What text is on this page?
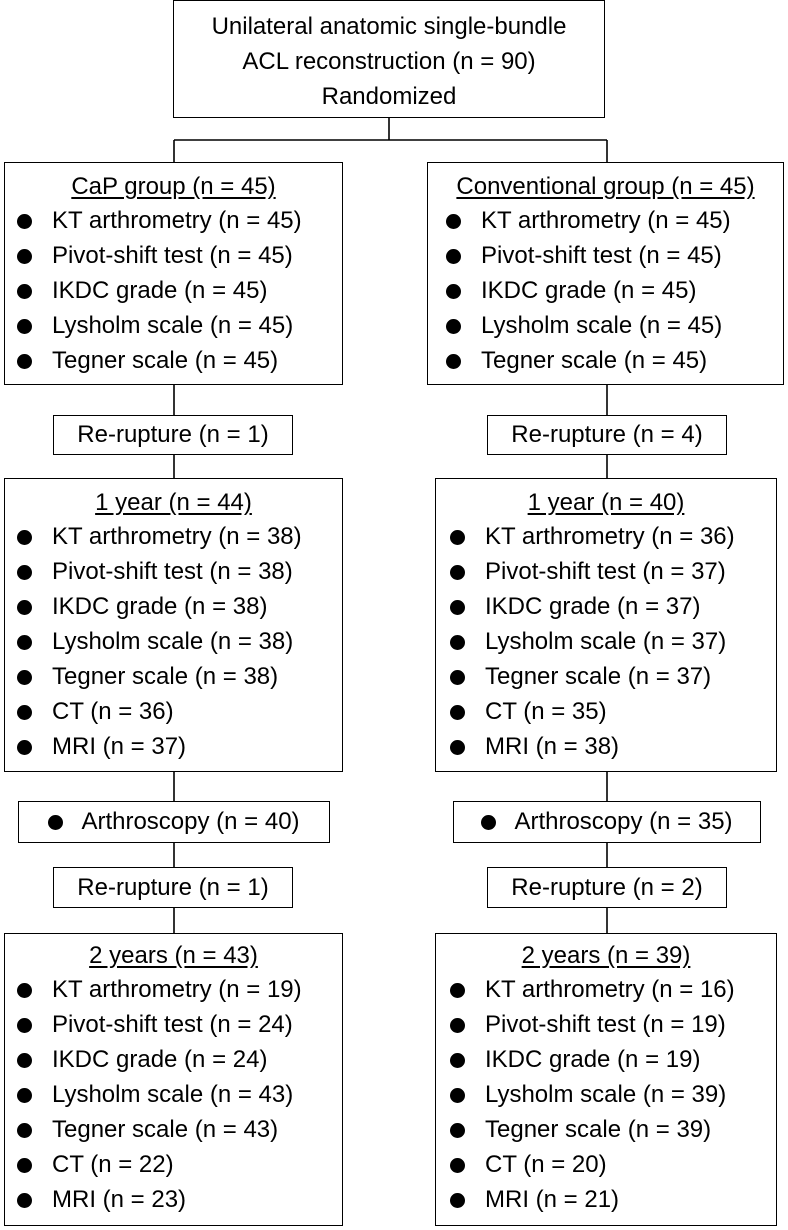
Unilateral anatomic single-bundle
ACL reconstruction (n = 90)
Randomized
CaP group (n = 45)
KT arthrometry (n = 45)
Pivot-shift test (n = 45)
IKDC grade (n = 45)
Lysholm scale (n = 45)
Tegner scale (n = 45)
Conventional group (n = 45)
KT arthrometry (n = 45)
Pivot-shift test (n = 45)
IKDC grade (n = 45)
Lysholm scale (n = 45)
Tegner scale (n = 45)
Re-rupture (n = 1)	Re-rupture (n = 4)
1 year (n = 44)
KT arthrometry (n = 38)
Pivot-shift test (n = 38)
IKDC grade (n = 38)
Lysholm scale (n = 38)
Tegner scale (n = 38)
CT (n = 36)
MRI (n = 37)
1 year (n = 40)
KT arthrometry (n = 36)
Pivot-shift test (n = 37)
IKDC grade (n = 37)
Lysholm scale (n = 37)
Tegner scale (n = 37)
CT (n = 35)
MRI (n = 38)
Arthroscopy (n = 40)	Arthroscopy (n = 35)
Re-rupture (n = 1)	Re-rupture (n = 2)
2 years (n = 43)
KT arthrometry (n = 19)
Pivot-shift test (n = 24)
IKDC grade (n = 24)
Lysholm scale (n = 43)
Tegner scale (n = 43)
CT (n = 22)
MRI (n = 23)
2 years (n = 39)
KT arthrometry (n = 16)
Pivot-shift test (n = 19)
IKDC grade (n = 19)
Lysholm scale (n = 39)
Tegner scale (n = 39)
CT (n = 20)
MRI (n = 21)
